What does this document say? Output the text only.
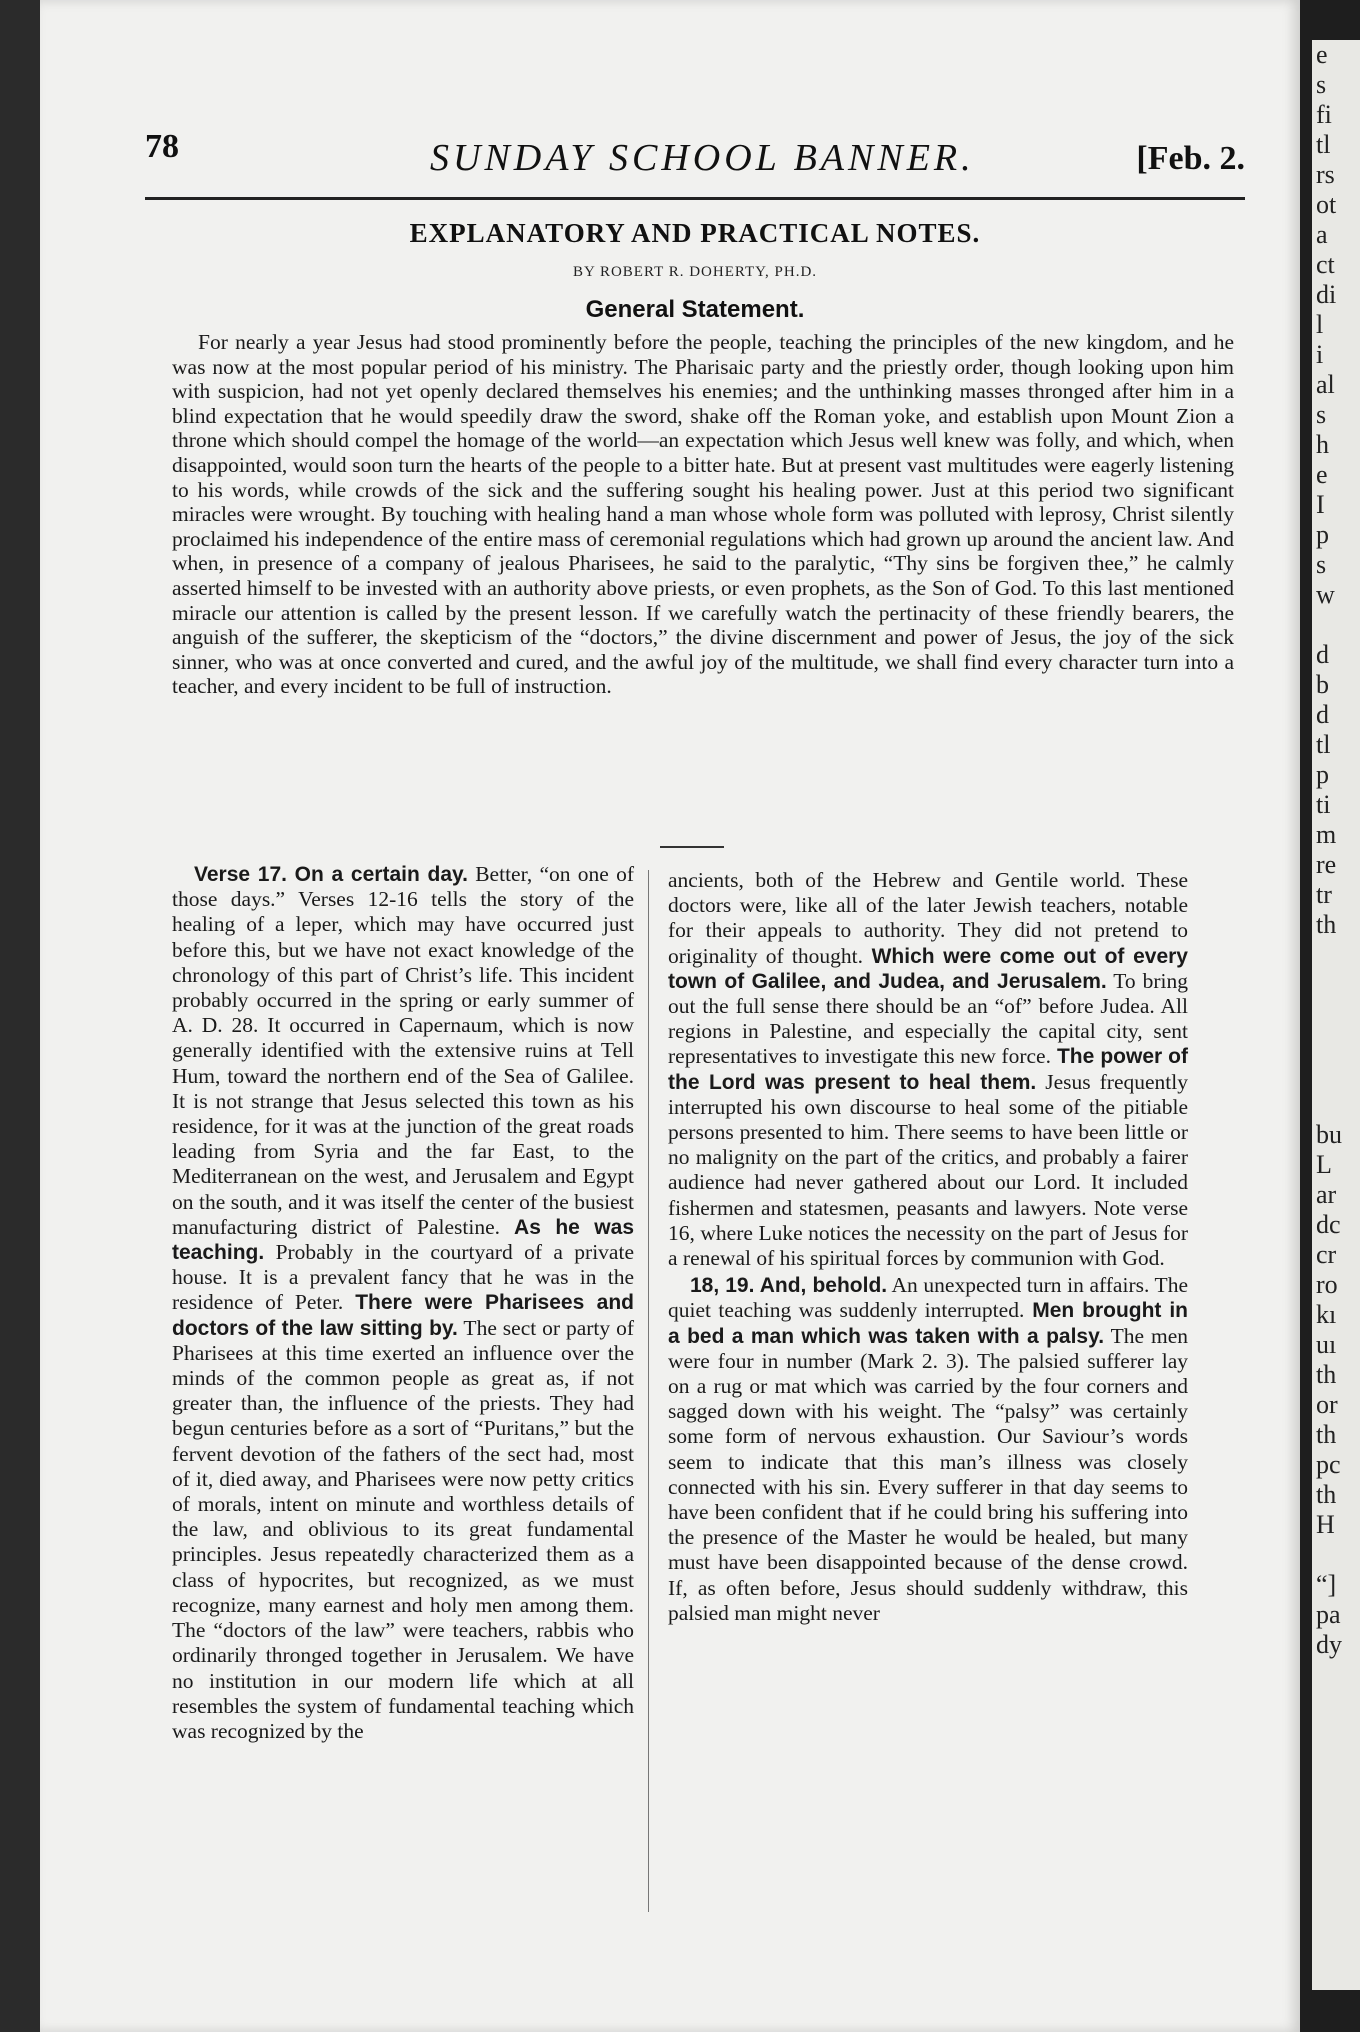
e
s
fi
tl
rs
ot
a
ct
di
l
i
al
s
h
e
I
p
s
w

d
b
d
tl
p
ti
m
re
tr
th

bu
L
ar
dc
cr
ro
kı
uı
th
or
th
pc
th
H

“]
pa
dy
78	SUNDAY SCHOOL BANNER.	[Feb. 2.
EXPLANATORY AND PRACTICAL NOTES.
BY ROBERT R. DOHERTY, PH.D.
General Statement.
For nearly a year Jesus had stood prominently before the people, teaching the principles of the new kingdom, and he was now at the most popular period of his ministry. The Pharisaic party and the priestly order, though looking upon him with suspicion, had not yet openly declared themselves his enemies; and the unthinking masses thronged after him in a blind expectation that he would speedily draw the sword, shake off the Roman yoke, and establish upon Mount Zion a throne which should compel the homage of the world—an expectation which Jesus well knew was folly, and which, when disappointed, would soon turn the hearts of the people to a bitter hate. But at present vast multitudes were eagerly listening to his words, while crowds of the sick and the suffering sought his healing power. Just at this period two significant miracles were wrought. By touching with healing hand a man whose whole form was polluted with leprosy, Christ silently proclaimed his independence of the entire mass of ceremonial regulations which had grown up around the ancient law. And when, in presence of a company of jealous Pharisees, he said to the paralytic, “Thy sins be forgiven thee,” he calmly asserted himself to be invested with an authority above priests, or even prophets, as the Son of God. To this last mentioned miracle our attention is called by the present lesson. If we carefully watch the pertinacity of these friendly bearers, the anguish of the sufferer, the skepticism of the “doctors,” the divine discernment and power of Jesus, the joy of the sick sinner, who was at once converted and cured, and the awful joy of the multitude, we shall find every character turn into a teacher, and every incident to be full of instruction.
Verse 17. On a certain day. Better, “on one of those days.” Verses 12-16 tells the story of the healing of a leper, which may have occurred just before this, but we have not exact knowledge of the chronology of this part of Christ’s life. This incident probably occurred in the spring or early summer of A. D. 28. It occurred in Capernaum, which is now generally identified with the extensive ruins at Tell Hum, toward the northern end of the Sea of Galilee. It is not strange that Jesus selected this town as his residence, for it was at the junction of the great roads leading from Syria and the far East, to the Mediterranean on the west, and Jerusalem and Egypt on the south, and it was itself the center of the busiest manufacturing district of Palestine. As he was teaching. Probably in the courtyard of a private house. It is a prevalent fancy that he was in the residence of Peter. There were Pharisees and doctors of the law sitting by. The sect or party of Pharisees at this time exerted an influence over the minds of the common people as great as, if not greater than, the influence of the priests. They had begun centuries before as a sort of “Puritans,” but the fervent devotion of the fathers of the sect had, most of it, died away, and Pharisees were now petty critics of morals, intent on minute and worthless details of the law, and oblivious to its great fundamental principles. Jesus repeatedly characterized them as a class of hypocrites, but recognized, as we must recognize, many earnest and holy men among them. The “doctors of the law” were teachers, rabbis who ordinarily thronged together in Jerusalem. We have no institution in our modern life which at all resembles the system of fundamental teaching which was recognized by the
ancients, both of the Hebrew and Gentile world. These doctors were, like all of the later Jewish teachers, notable for their appeals to authority. They did not pretend to originality of thought. Which were come out of every town of Galilee, and Judea, and Jerusalem. To bring out the full sense there should be an “of” before Judea. All regions in Palestine, and especially the capital city, sent representatives to investigate this new force. The power of the Lord was present to heal them. Jesus frequently interrupted his own discourse to heal some of the pitiable persons presented to him. There seems to have been little or no malignity on the part of the critics, and probably a fairer audience had never gathered about our Lord. It included fishermen and statesmen, peasants and lawyers. Note verse 16, where Luke notices the necessity on the part of Jesus for a renewal of his spiritual forces by communion with God.
18, 19. And, behold. An unexpected turn in affairs. The quiet teaching was suddenly interrupted. Men brought in a bed a man which was taken with a palsy. The men were four in number (Mark 2. 3). The palsied sufferer lay on a rug or mat which was carried by the four corners and sagged down with his weight. The “palsy” was certainly some form of nervous exhaustion. Our Saviour’s words seem to indicate that this man’s illness was closely connected with his sin. Every sufferer in that day seems to have been confident that if he could bring his suffering into the presence of the Master he would be healed, but many must have been disappointed because of the dense crowd. If, as often before, Jesus should suddenly withdraw, this palsied man might never
